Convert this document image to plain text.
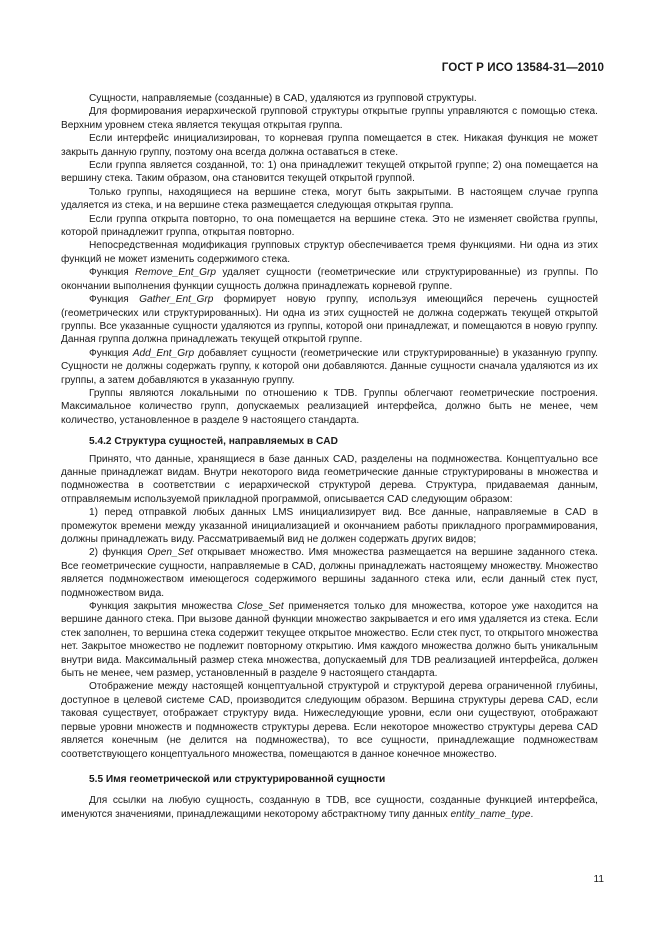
ГОСТ Р ИСО 13584-31—2010

Сущности, направляемые (созданные) в CAD, удаляются из групповой структуры.

Для формирования иерархической групповой структуры открытые группы управляются с помощью стека. Верхним уровнем стека является текущая открытая группа.

Если интерфейс инициализирован, то корневая группа помещается в стек. Никакая функция не может закрыть данную группу, поэтому она всегда должна оставаться в стеке.

Если группа является созданной, то: 1) она принадлежит текущей открытой группе; 2) она помещается на вершину стека. Таким образом, она становится текущей открытой группой.

Только группы, находящиеся на вершине стека, могут быть закрытыми. В настоящем случае группа удаляется из стека, и на вершине стека размещается следующая открытая группа.

Если группа открыта повторно, то она помещается на вершине стека. Это не изменяет свойства группы, которой принадлежит группа, открытая повторно.

Непосредственная модификация групповых структур обеспечивается тремя функциями. Ни одна из этих функций не может изменить содержимого стека.

Функция Remove_Ent_Grp удаляет сущности (геометрические или структурированные) из группы. По окончании выполнения функции сущность должна принадлежать корневой группе.

Функция Gather_Ent_Grp формирует новую группу, используя имеющийся перечень сущностей (геометрических или структурированных). Ни одна из этих сущностей не должна содержать текущей открытой группы. Все указанные сущности удаляются из группы, которой они принадлежат, и помещаются в новую группу. Данная группа должна принадлежать текущей открытой группе.

Функция Add_Ent_Grp добавляет сущности (геометрические или структурированные) в указанную группу. Сущности не должны содержать группу, к которой они добавляются. Данные сущности сначала удаляются из их группы, а затем добавляются в указанную группу.

Группы являются локальными по отношению к TDB. Группы облегчают геометрические построения. Максимальное количество групп, допускаемых реализацией интерфейса, должно быть не менее, чем количество, установленное в разделе 9 настоящего стандарта.

5.4.2 Структура сущностей, направляемых в CAD

Принято, что данные, хранящиеся в базе данных CAD, разделены на подмножества. Концептуально все данные принадлежат видам. Внутри некоторого вида геометрические данные структурированы в множества и подмножества в соответствии с иерархической структурой дерева. Структура, придаваемая данным, отправляемым используемой прикладной программой, описывается CAD следующим образом:

1) перед отправкой любых данных LMS инициализирует вид. Все данные, направляемые в CAD в промежуток времени между указанной инициализацией и окончанием работы прикладного программирования, должны принадлежать виду. Рассматриваемый вид не должен содержать других видов;

2) функция Open_Set открывает множество. Имя множества размещается на вершине заданного стека. Все геометрические сущности, направляемые в CAD, должны принадлежать настоящему множеству. Множество является подмножеством имеющегося содержимого вершины заданного стека или, если данный стек пуст, подмножеством вида.

Функция закрытия множества Close_Set применяется только для множества, которое уже находится на вершине данного стека. При вызове данной функции множество закрывается и его имя удаляется из стека. Если стек заполнен, то вершина стека содержит текущее открытое множество. Если стек пуст, то открытого множества нет. Закрытое множество не подлежит повторному открытию. Имя каждого множества должно быть уникальным внутри вида. Максимальный размер стека множества, допускаемый для TDB реализацией интерфейса, должен быть не менее, чем размер, установленный в разделе 9 настоящего стандарта.

Отображение между настоящей концептуальной структурой и структурой дерева ограниченной глубины, доступное в целевой системе CAD, производится следующим образом. Вершина структуры дерева CAD, если таковая существует, отображает структуру вида. Нижеследующие уровни, если они существуют, отображают первые уровни множеств и подмножеств структуры дерева. Если некоторое множество структуры дерева CAD является конечным (не делится на подмножества), то все сущности, принадлежащие подмножествам соответствующего концептуального множества, помещаются в данное конечное множество.

5.5 Имя геометрической или структурированной сущности

Для ссылки на любую сущность, созданную в TDB, все сущности, созданные функцией интерфейса, именуются значениями, принадлежащими некоторому абстрактному типу данных entity_name_type.

11
